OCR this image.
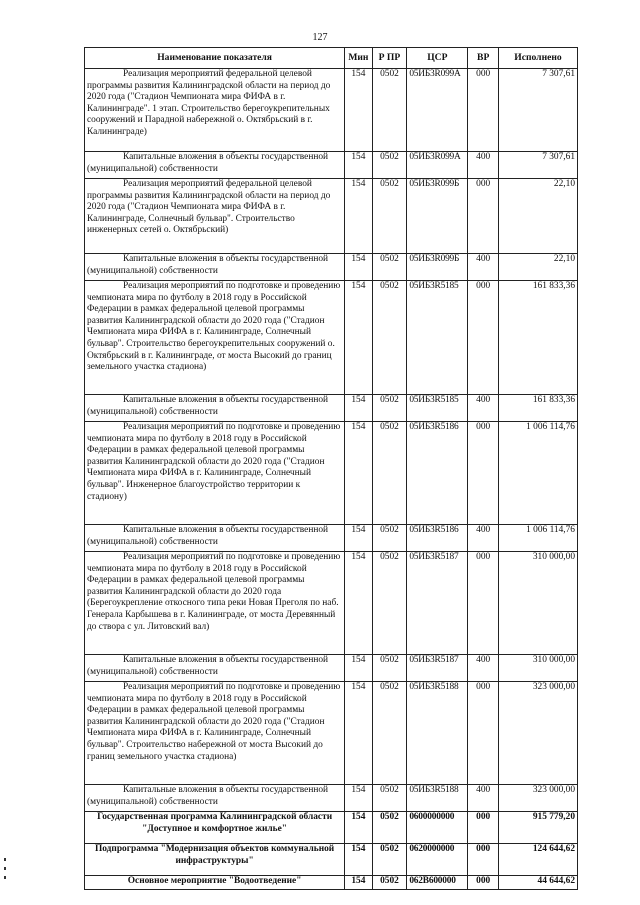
127
Наименование показателя	Мин	Р ПР	ЦСР	ВР	Исполнено
Реализация мероприятий федеральной целевой программы развития Калининградской области на период до 2020 года ("Стадион Чемпионата мира ФИФА в г. Калининграде". 1 этап. Строительство берегоукрепительных сооружений и Парадной набережной о. Октябрьский в г. Калининграде)	154	0502	05ИБ3R099A	000	7 307,61
Капитальные вложения в объекты государственной (муниципальной) собственности	154	0502	05ИБ3R099A	400	7 307,61
Реализация мероприятий федеральной целевой программы развития Калининградской области на период до 2020 года ("Стадион Чемпионата мира ФИФА в г. Калининграде, Солнечный бульвар". Строительство инженерных сетей о. Октябрьский)	154	0502	05ИБ3R099Б	000	22,10
Капитальные вложения в объекты государственной (муниципальной) собственности	154	0502	05ИБ3R099Б	400	22,10
Реализация мероприятий по подготовке и проведению чемпионата мира по футболу в 2018 году в Российской Федерации в рамках федеральной целевой программы развития Калининградской области до 2020 года ("Стадион Чемпионата мира ФИФА в г. Калининграде, Солнечный бульвар". Строительство берегоукрепительных сооружений о. Октябрьский в г. Калининграде, от моста Высокий до границ земельного участка стадиона)	154	0502	05ИБ3R5185	000	161 833,36
Капитальные вложения в объекты государственной (муниципальной) собственности	154	0502	05ИБ3R5185	400	161 833,36
Реализация мероприятий по подготовке и проведению чемпионата мира по футболу в 2018 году в Российской Федерации в рамках федеральной целевой программы развития Калининградской области до 2020 года ("Стадион Чемпионата мира ФИФА в г. Калининграде, Солнечный бульвар". Инженерное благоустройство территории к стадиону)	154	0502	05ИБ3R5186	000	1 006 114,76
Капитальные вложения в объекты государственной (муниципальной) собственности	154	0502	05ИБ3R5186	400	1 006 114,76
Реализация мероприятий по подготовке и проведению чемпионата мира по футболу в 2018 году в Российской Федерации в рамках федеральной целевой программы развития Калининградской области до 2020 года (Берегоукрепление откосного типа реки Новая Преголя по наб. Генерала Карбышева в г. Калининграде, от моста Деревянный до створа с ул. Литовский вал)	154	0502	05ИБ3R5187	000	310 000,00
Капитальные вложения в объекты государственной (муниципальной) собственности	154	0502	05ИБ3R5187	400	310 000,00
Реализация мероприятий по подготовке и проведению чемпионата мира по футболу в 2018 году в Российской Федерации в рамках федеральной целевой программы развития Калининградской области до 2020 года ("Стадион Чемпионата мира ФИФА в г. Калининграде, Солнечный бульвар". Строительство набережной от моста Высокий до границ земельного участка стадиона)	154	0502	05ИБ3R5188	000	323 000,00
Капитальные вложения в объекты государственной (муниципальной) собственности	154	0502	05ИБ3R5188	400	323 000,00
Государственная программа Калининградской области "Доступное и комфортное жилье"	154	0502	0600000000	000	915 779,20
Подпрограмма "Модернизация объектов коммунальной инфраструктуры"	154	0502	0620000000	000	124 644,62
Основное мероприятие "Водоотведение"	154	0502	062В600000	000	44 644,62
